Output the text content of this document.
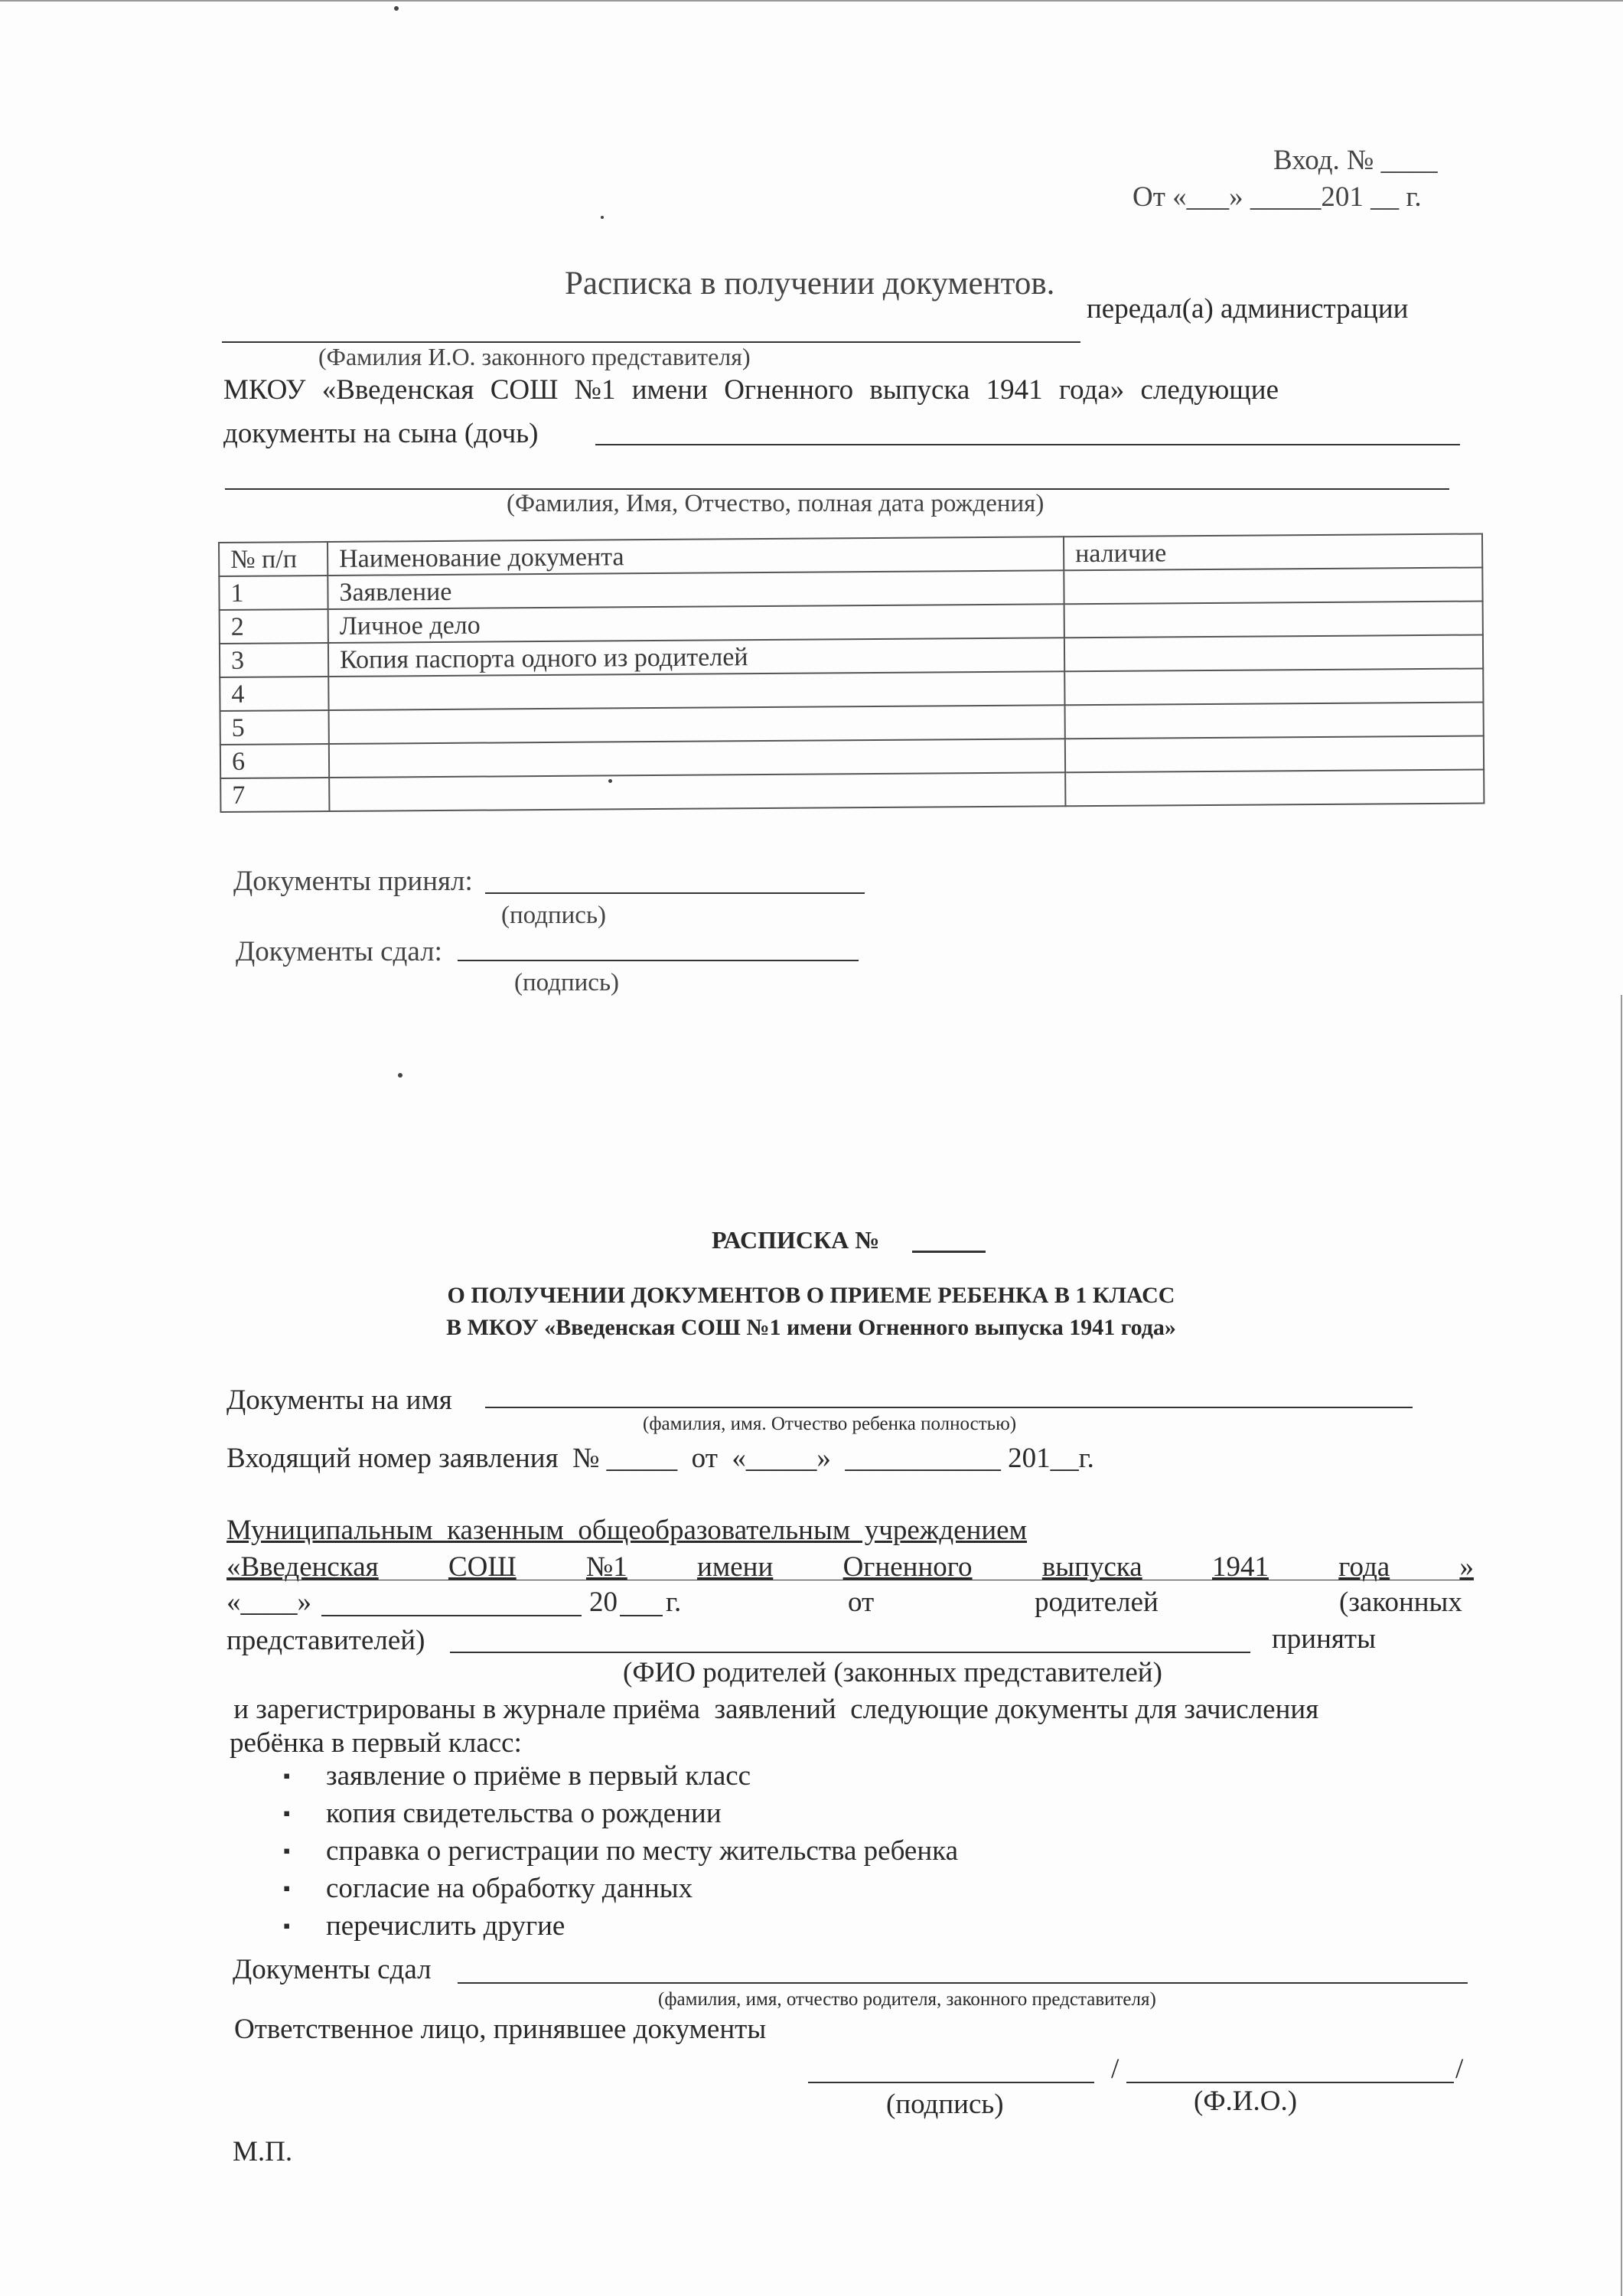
Вход. № ____
От «___» _____201 __ г.
Расписка в получении документов.
передал(а) администрации
(Фамилия И.О. законного представителя)
МКОУ «Введенская СОШ №1 имени Огненного выпуска 1941 года» следующие
документы на сына (дочь)
(Фамилия, Имя, Отчество, полная дата рождения)
№ п/п	Наименование документа	наличие
1	Заявление	
2	Личное дело	
3	Копия паспорта одного из родителей	
4		
5		
6		
7		
Документы принял:
(подпись)
Документы сдал:
(подпись)
РАСПИСКА №
О ПОЛУЧЕНИИ ДОКУМЕНТОВ О ПРИЕМЕ РЕБЕНКА В 1 КЛАСС
В МКОУ «Введенская СОШ №1 имени Огненного выпуска 1941 года»
Документы на имя
(фамилия, имя. Отчество ребенка полностью)
Входящий номер заявления  № _____  от  «_____»  ___________ 201__г.
Муниципальным  казенным  общеобразовательным  учреждением
«Введенская СОШ №1 имени Огненного выпуска 1941 года »
«____»	20 г.	от	родителей	(законных
представителей)	приняты
(ФИО родителей (законных представителей)
и зарегистрированы в журнале приёма  заявлений  следующие документы для зачисления
ребёнка в первый класс:
▪ заявление о приёме в первый класс
▪ копия свидетельства о рождении
▪ справка о регистрации по месту жительства ребенка
▪ согласие на обработку данных
▪ перечислить другие
Документы сдал
(фамилия, имя, отчество родителя, законного представителя)
Ответственное лицо, принявшее документы
/	/
(подпись)	(Ф.И.О.)
М.П.
